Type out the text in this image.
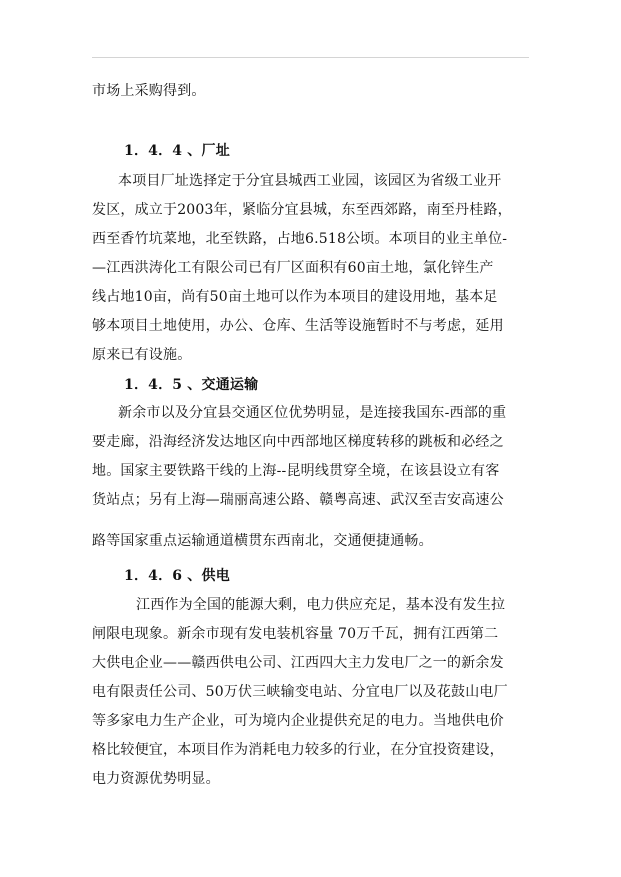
市场上采购得到。
1．4．4 、厂址
本项目厂址选择定于分宜县城西工业园，该园区为省级工业开
发区，成立于2003年，紧临分宜县城，东至西郊路，南至丹桂路，
西至香竹坑菜地，北至铁路，占地6.518公顷。本项目的业主单位-
—江西洪涛化工有限公司已有厂区面积有60亩土地，氯化锌生产
线占地10亩，尚有50亩土地可以作为本项目的建设用地，基本足
够本项目土地使用，办公、仓库、生活等设施暂时不与考虑，延用
原来已有设施。
1．4．5 、交通运输
新余市以及分宜县交通区位优势明显，是连接我国东-西部的重
要走廊，沿海经济发达地区向中西部地区梯度转移的跳板和必经之
地。国家主要铁路干线的上海--昆明线贯穿全境，在该县设立有客
货站点；另有上海—瑞丽高速公路、赣粤高速、武汉至吉安高速公
路等国家重点运输通道横贯东西南北，交通便捷通畅。
1．4．6 、供电
江西作为全国的能源大剩，电力供应充足，基本没有发生拉
闸限电现象。新余市现有发电装机容量 70万千瓦，拥有江西第二
大供电企业——赣西供电公司、江西四大主力发电厂之一的新余发
电有限责任公司、50万伏三峡输变电站、分宜电厂以及花鼓山电厂
等多家电力生产企业，可为境内企业提供充足的电力。当地供电价
格比较便宜，本项目作为消耗电力较多的行业，在分宜投资建设，
电力资源优势明显。
